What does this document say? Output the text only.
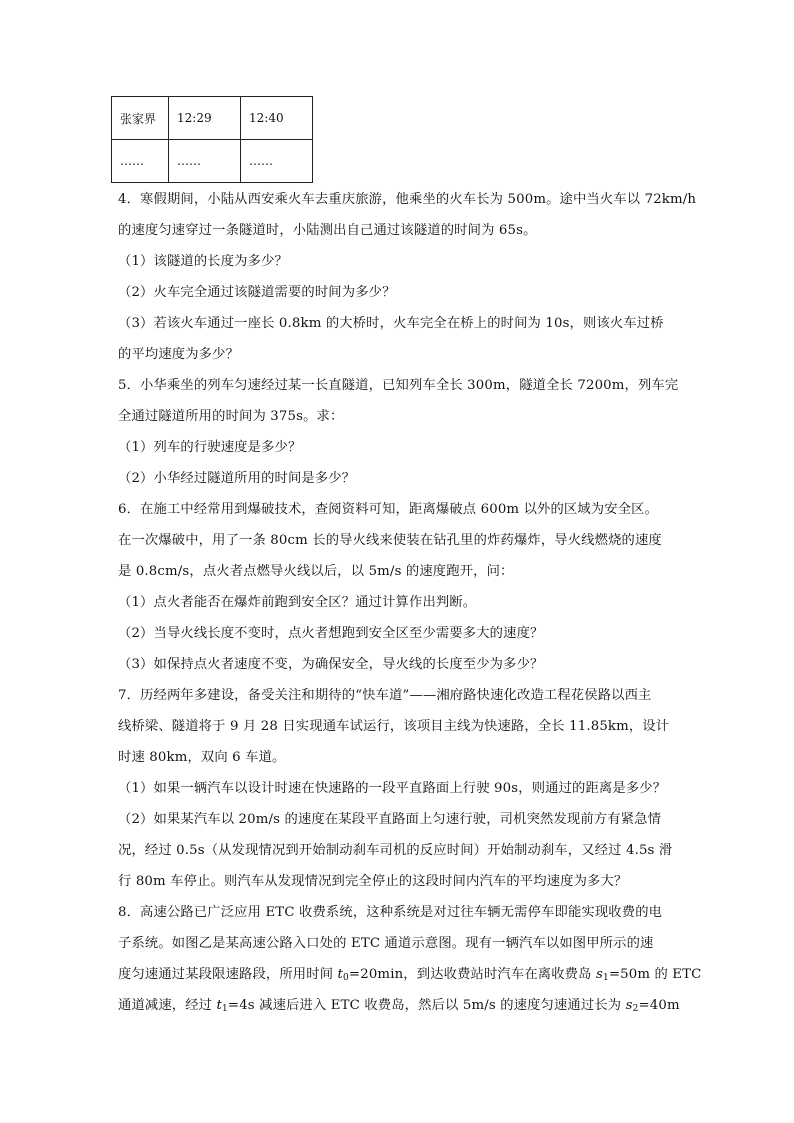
张家界	12:29	12:40
……	……	……
4．寒假期间，小陆从西安乘火车去重庆旅游，他乘坐的火车长为 500m。途中当火车以 72km/h
的速度匀速穿过一条隧道时，小陆测出自己通过该隧道的时间为 65s。
（1）该隧道的长度为多少？
（2）火车完全通过该隧道需要的时间为多少？
（3）若该火车通过一座长 0.8km 的大桥时，火车完全在桥上的时间为 10s，则该火车过桥
的平均速度为多少？
5．小华乘坐的列车匀速经过某一长直隧道，已知列车全长 300m，隧道全长 7200m，列车完
全通过隧道所用的时间为 375s。求：
（1）列车的行驶速度是多少？
（2）小华经过隧道所用的时间是多少？
6．在施工中经常用到爆破技术，查阅资料可知，距离爆破点 600m 以外的区域为安全区。
在一次爆破中，用了一条 80cm 长的导火线来使装在钻孔里的炸药爆炸，导火线燃烧的速度
是 0.8cm/s，点火者点燃导火线以后，以 5m/s 的速度跑开，问：
（1）点火者能否在爆炸前跑到安全区？通过计算作出判断。
（2）当导火线长度不变时，点火者想跑到安全区至少需要多大的速度？
（3）如保持点火者速度不变，为确保安全，导火线的长度至少为多少？
7．历经两年多建设，备受关注和期待的“快车道”——湘府路快速化改造工程花侯路以西主
线桥梁、隧道将于 9 月 28 日实现通车试运行，该项目主线为快速路，全长 11.85km，设计
时速 80km，双向 6 车道。
（1）如果一辆汽车以设计时速在快速路的一段平直路面上行驶 90s，则通过的距离是多少？
（2）如果某汽车以 20m/s 的速度在某段平直路面上匀速行驶，司机突然发现前方有紧急情
况，经过 0.5s（从发现情况到开始制动刹车司机的反应时间）开始制动刹车，又经过 4.5s 滑
行 80m 车停止。则汽车从发现情况到完全停止的这段时间内汽车的平均速度为多大？
8．高速公路已广泛应用 ETC 收费系统，这种系统是对过往车辆无需停车即能实现收费的电
子系统。如图乙是某高速公路入口处的 ETC 通道示意图。现有一辆汽车以如图甲所示的速
度匀速通过某段限速路段，所用时间 $t_0=20\min$，到达收费站时汽车在离收费岛 $s_1=50m$ 的 ETC
通道减速，经过 $t_1=4s$ 减速后进入 ETC 收费岛，然后以 5m/s 的速度匀速通过长为 $s_2=40m$
